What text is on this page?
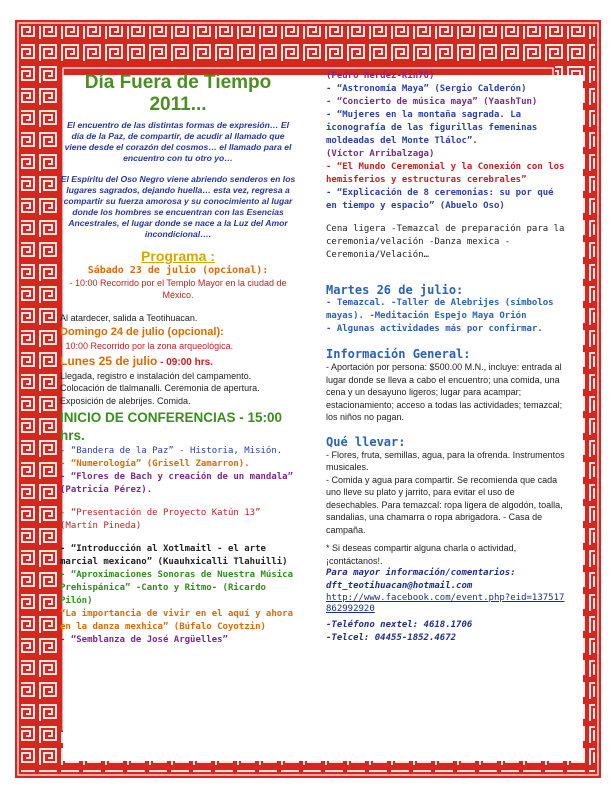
Día Fuera de Tiempo
2011...

El encuentro de las distintas formas de expresión… El día de la Paz, de compartir, de acudir al llamado que viene desde el corazón del cosmos… el llamado para el encuentro con tu otro yo…

El Espíritu del Oso Negro viene abriendo senderos en los lugares sagrados, dejando huella… esta vez, regresa a compartir su fuerza amorosa y su conocimiento al lugar donde los hombres se encuentran con las Esencias Ancestrales, el lugar donde se nace a la Luz del Amor incondicional….

Programa :
Sábado 23 de julio (opcional):
- 10:00 Recorrido por el Templo Mayor en la ciudad de México.
Al atardecer, salida a Teotihuacan.
Domingo 24 de julio (opcional):
- 10:00 Recorrido por la zona arqueológica.
Lunes 25 de julio - 09:00 hrs.
Llegada, registro e instalación del campamento. Colocación de tlalmanalli. Ceremonia de apertura. Exposición de alebrijes. Comida.
INICIO DE CONFERENCIAS - 15:00 hrs.
- “Bandera de la Paz” - Historia, Misión.
- “Numerología” (Grisell Zamarron).
- “Flores de Bach y creación de un mandala” (Patricia Pérez).
- “Presentación de Proyecto Katún 13” (Martín Pineda)
- “Introducción al Xotlmaitl - el arte marcial mexicano” (Kuauhxicalli Tlahuilli)
- “Aproximaciones Sonoras de Nuestra Música Prehispánica” -Canto y Ritmo- (Ricardo Pilón)
“La importancia de vivir en el aquí y ahora en la danza mexhica” (Búfalo Coyotzin)
- “Semblanza de José Argüelles”
(Pedro Herdez-Kin70)
- “Astronomía Maya” (Sergio Calderón)
- “Concierto de música maya” (YaashTun)
- “Mujeres en la montaña sagrada. La iconografía de las figurillas femeninas moldeadas del Monte Tláloc”.
(Víctor Arribalzaga)
- “El Mundo Ceremonial y la Conexión con los hemisferios y estructuras cerebrales”
- “Explicación de 8 ceremonias: su por qué en tiempo y espacio” (Abuelo Oso)
Cena ligera -Temazcal de preparación para la ceremonia/velación -Danza mexica - Ceremonia/Velación…
Martes 26 de julio:
- Temazcal. -Taller de Alebrijes (símbolos mayas). -Meditación Espejo Maya Orión
- Algunas actividades más por confirmar.
Información General:
- Aportación por persona: $500.00 M.N., incluye: entrada al lugar donde se lleva a cabo el encuentro; una comida, una cena y un desayuno ligeros; lugar para acampar; estacionamiento; acceso a todas las actividades; temazcal; los niños no pagan.
Qué llevar:
- Flores, fruta, semillas, agua, para la ofrenda. Instrumentos musicales.
- Comida y agua para compartir. Se recomienda que cada uno lleve su plato y jarrito, para evitar el uso de desechables. Para temazcal: ropa ligera de algodón, toalla, sandalias, una chamarra o ropa abrigadora. - Casa de campaña.
* Si deseas compartir alguna charla o actividad, ¡contáctanos!.
Para mayor información/comentarios:
dft_teotihuacan@hotmail.com
http://www.facebook.com/event.php?eid=137517862992920
-Teléfono nextel: 4618.1706
-Telcel: 04455-1852.4672
